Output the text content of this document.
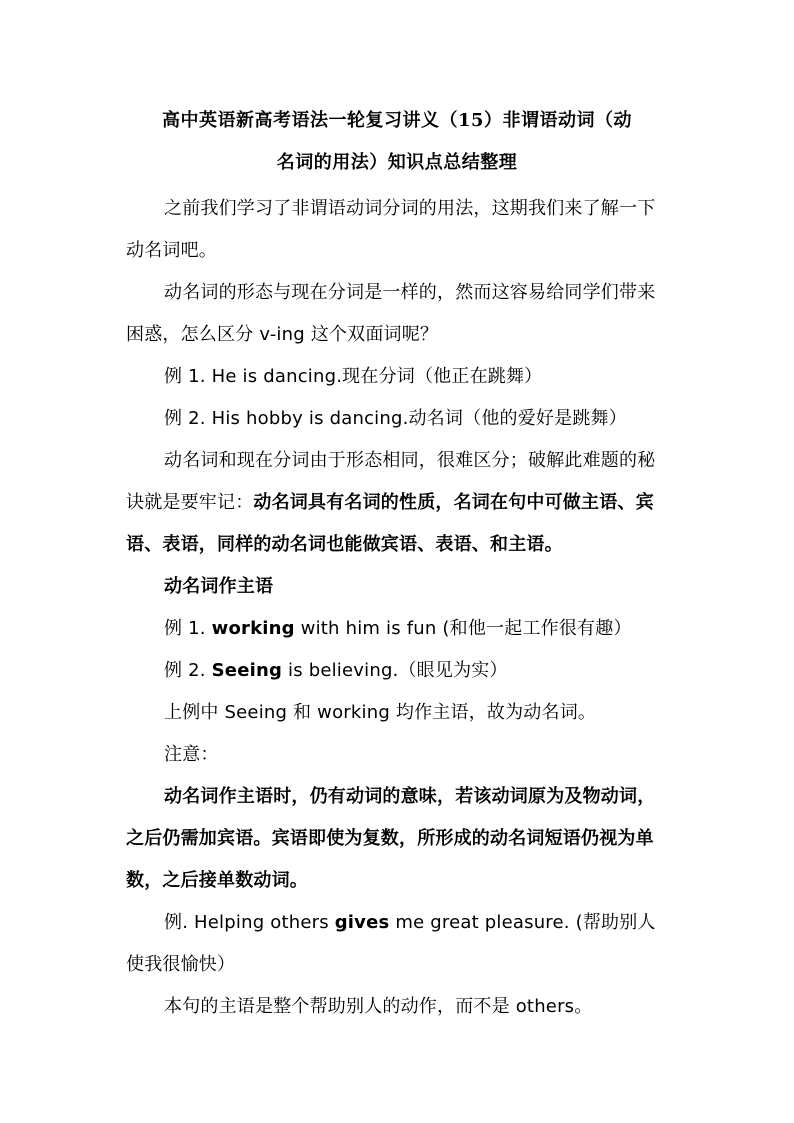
高中英语新高考语法一轮复习讲义（15）非谓语动词（动
名词的用法）知识点总结整理

之前我们学习了非谓语动词分词的用法，这期我们来了解一下动名词吧。

动名词的形态与现在分词是一样的，然而这容易给同学们带来困惑，怎么区分 v-ing 这个双面词呢？

例 1. He is dancing.现在分词（他正在跳舞）

例 2. His hobby is dancing.动名词（他的爱好是跳舞）

动名词和现在分词由于形态相同，很难区分；破解此难题的秘诀就是要牢记：动名词具有名词的性质，名词在句中可做主语、宾语、表语，同样的动名词也能做宾语、表语、和主语。

动名词作主语

例 1. working with him is fun (和他一起工作很有趣）

例 2. Seeing is believing.（眼见为实）

上例中 Seeing 和 working 均作主语，故为动名词。

注意：

动名词作主语时，仍有动词的意味，若该动词原为及物动词，之后仍需加宾语。宾语即使为复数，所形成的动名词短语仍视为单数，之后接单数动词。

例. Helping others gives me great pleasure. (帮助别人使我很愉快）

本句的主语是整个帮助别人的动作，而不是 others。
